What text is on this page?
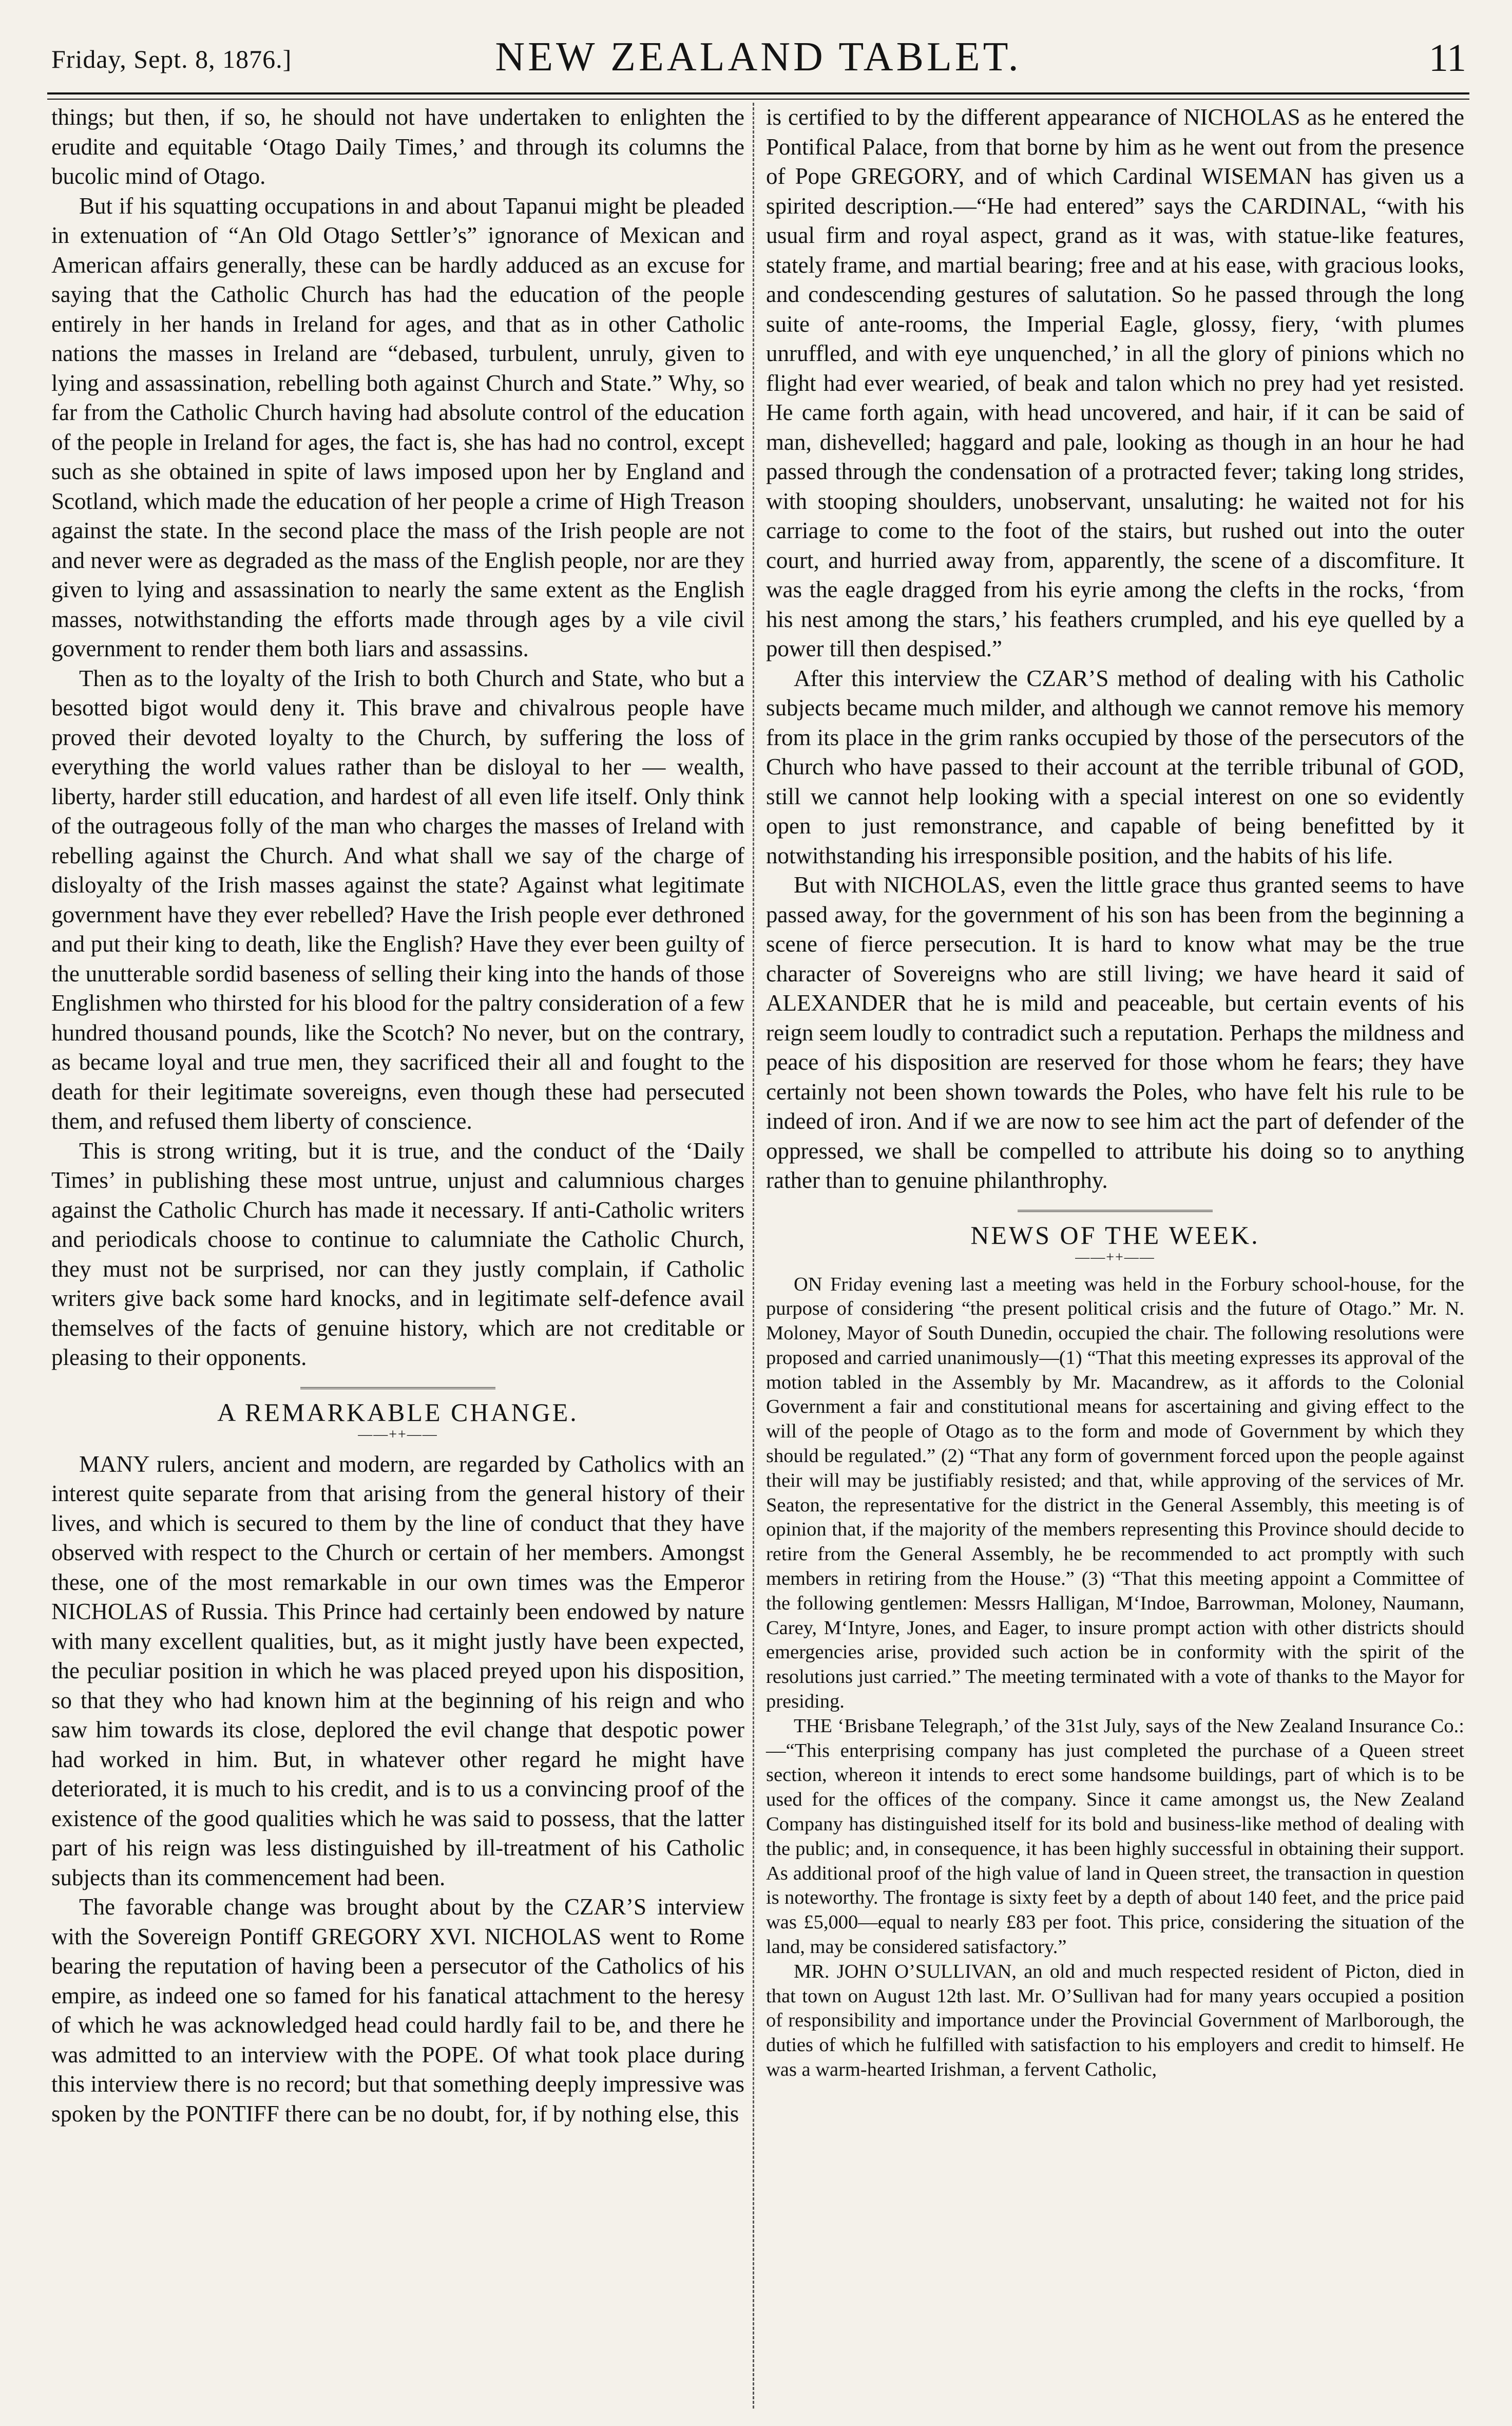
Friday, Sept. 8, 1876.]	NEW ZEALAND TABLET.	11

things; but then, if so, he should not have undertaken to enlighten the erudite and equitable ‘Otago Daily Times,’ and through its columns the bucolic mind of Otago.

But if his squatting occupations in and about Tapanui might be pleaded in extenuation of “An Old Otago Settler’s” ignorance of Mexican and American affairs generally, these can be hardly adduced as an excuse for saying that the Catholic Church has had the education of the people entirely in her hands in Ireland for ages, and that as in other Catholic nations the masses in Ireland are “debased, turbulent, unruly, given to lying and assassination, rebelling both against Church and State.” Why, so far from the Catholic Church having had absolute control of the education of the people in Ireland for ages, the fact is, she has had no control, except such as she obtained in spite of laws imposed upon her by England and Scotland, which made the education of her people a crime of High Treason against the state. In the second place the mass of the Irish people are not and never were as degraded as the mass of the English people, nor are they given to lying and assassination to nearly the same extent as the English masses, notwithstanding the efforts made through ages by a vile civil government to render them both liars and assassins.

Then as to the loyalty of the Irish to both Church and State, who but a besotted bigot would deny it. This brave and chivalrous people have proved their devoted loyalty to the Church, by suffering the loss of everything the world values rather than be disloyal to her — wealth, liberty, harder still education, and hardest of all even life itself. Only think of the outrageous folly of the man who charges the masses of Ireland with rebelling against the Church. And what shall we say of the charge of disloyalty of the Irish masses against the state? Against what legitimate government have they ever rebelled? Have the Irish people ever dethroned and put their king to death, like the English? Have they ever been guilty of the unutterable sordid baseness of selling their king into the hands of those Englishmen who thirsted for his blood for the paltry consideration of a few hundred thousand pounds, like the Scotch? No never, but on the contrary, as became loyal and true men, they sacrificed their all and fought to the death for their legitimate sovereigns, even though these had persecuted them, and refused them liberty of conscience.

This is strong writing, but it is true, and the conduct of the ‘Daily Times’ in publishing these most untrue, unjust and calumnious charges against the Catholic Church has made it necessary. If anti-Catholic writers and periodicals choose to continue to calumniate the Catholic Church, they must not be surprised, nor can they justly complain, if Catholic writers give back some hard knocks, and in legitimate self-defence avail themselves of the facts of genuine history, which are not creditable or pleasing to their opponents.

A REMARKABLE CHANGE.
——++——

MANY rulers, ancient and modern, are regarded by Catholics with an interest quite separate from that arising from the general history of their lives, and which is secured to them by the line of conduct that they have observed with respect to the Church or certain of her members. Amongst these, one of the most remarkable in our own times was the Emperor NICHOLAS of Russia. This Prince had certainly been endowed by nature with many excellent qualities, but, as it might justly have been expected, the peculiar position in which he was placed preyed upon his disposition, so that they who had known him at the beginning of his reign and who saw him towards its close, deplored the evil change that despotic power had worked in him. But, in whatever other regard he might have deteriorated, it is much to his credit, and is to us a convincing proof of the existence of the good qualities which he was said to possess, that the latter part of his reign was less distinguished by ill-treatment of his Catholic subjects than its commencement had been.

The favorable change was brought about by the CZAR’S interview with the Sovereign Pontiff GREGORY XVI. NICHOLAS went to Rome bearing the reputation of having been a persecutor of the Catholics of his empire, as indeed one so famed for his fanatical attachment to the heresy of which he was acknowledged head could hardly fail to be, and there he was admitted to an interview with the POPE. Of what took place during this interview there is no record; but that something deeply impressive was spoken by the PONTIFF there can be no doubt, for, if by nothing else, this

is certified to by the different appearance of NICHOLAS as he entered the Pontifical Palace, from that borne by him as he went out from the presence of Pope GREGORY, and of which Cardinal WISEMAN has given us a spirited description.—“He had entered” says the CARDINAL, “with his usual firm and royal aspect, grand as it was, with statue-like features, stately frame, and martial bearing; free and at his ease, with gracious looks, and condescending gestures of salutation. So he passed through the long suite of ante-rooms, the Imperial Eagle, glossy, fiery, ‘with plumes unruffled, and with eye unquenched,’ in all the glory of pinions which no flight had ever wearied, of beak and talon which no prey had yet resisted. He came forth again, with head uncovered, and hair, if it can be said of man, dishevelled; haggard and pale, looking as though in an hour he had passed through the condensation of a protracted fever; taking long strides, with stooping shoulders, unobservant, unsaluting: he waited not for his carriage to come to the foot of the stairs, but rushed out into the outer court, and hurried away from, apparently, the scene of a discomfiture. It was the eagle dragged from his eyrie among the clefts in the rocks, ‘from his nest among the stars,’ his feathers crumpled, and his eye quelled by a power till then despised.”

After this interview the CZAR’S method of dealing with his Catholic subjects became much milder, and although we cannot remove his memory from its place in the grim ranks occupied by those of the persecutors of the Church who have passed to their account at the terrible tribunal of GOD, still we cannot help looking with a special interest on one so evidently open to just remonstrance, and capable of being benefitted by it notwithstanding his irresponsible position, and the habits of his life.

But with NICHOLAS, even the little grace thus granted seems to have passed away, for the government of his son has been from the beginning a scene of fierce persecution. It is hard to know what may be the true character of Sovereigns who are still living; we have heard it said of ALEXANDER that he is mild and peaceable, but certain events of his reign seem loudly to contradict such a reputation. Perhaps the mildness and peace of his disposition are reserved for those whom he fears; they have certainly not been shown towards the Poles, who have felt his rule to be indeed of iron. And if we are now to see him act the part of defender of the oppressed, we shall be compelled to attribute his doing so to anything rather than to genuine philanthrophy.

NEWS OF THE WEEK.
——++——

ON Friday evening last a meeting was held in the Forbury school-house, for the purpose of considering “the present political crisis and the future of Otago.” Mr. N. Moloney, Mayor of South Dunedin, occupied the chair. The following resolutions were proposed and carried unanimously—(1) “That this meeting expresses its approval of the motion tabled in the Assembly by Mr. Macandrew, as it affords to the Colonial Government a fair and constitutional means for ascertaining and giving effect to the will of the people of Otago as to the form and mode of Government by which they should be regulated.” (2) “That any form of government forced upon the people against their will may be justifiably resisted; and that, while approving of the services of Mr. Seaton, the representative for the district in the General Assembly, this meeting is of opinion that, if the majority of the members representing this Province should decide to retire from the General Assembly, he be recommended to act promptly with such members in retiring from the House.” (3) “That this meeting appoint a Committee of the following gentlemen: Messrs Halligan, M‘Indoe, Barrowman, Moloney, Naumann, Carey, M‘Intyre, Jones, and Eager, to insure prompt action with other districts should emergencies arise, provided such action be in conformity with the spirit of the resolutions just carried.” The meeting terminated with a vote of thanks to the Mayor for presiding.

THE ‘Brisbane Telegraph,’ of the 31st July, says of the New Zealand Insurance Co.:—“This enterprising company has just completed the purchase of a Queen street section, whereon it intends to erect some handsome buildings, part of which is to be used for the offices of the company. Since it came amongst us, the New Zealand Company has distinguished itself for its bold and business-like method of dealing with the public; and, in consequence, it has been highly successful in obtaining their support. As additional proof of the high value of land in Queen street, the transaction in question is noteworthy. The frontage is sixty feet by a depth of about 140 feet, and the price paid was £5,000—equal to nearly £83 per foot. This price, considering the situation of the land, may be considered satisfactory.”

MR. JOHN O’SULLIVAN, an old and much respected resident of Picton, died in that town on August 12th last. Mr. O’Sullivan had for many years occupied a position of responsibility and importance under the Provincial Government of Marlborough, the duties of which he fulfilled with satisfaction to his employers and credit to himself. He was a warm-hearted Irishman, a fervent Catholic,
